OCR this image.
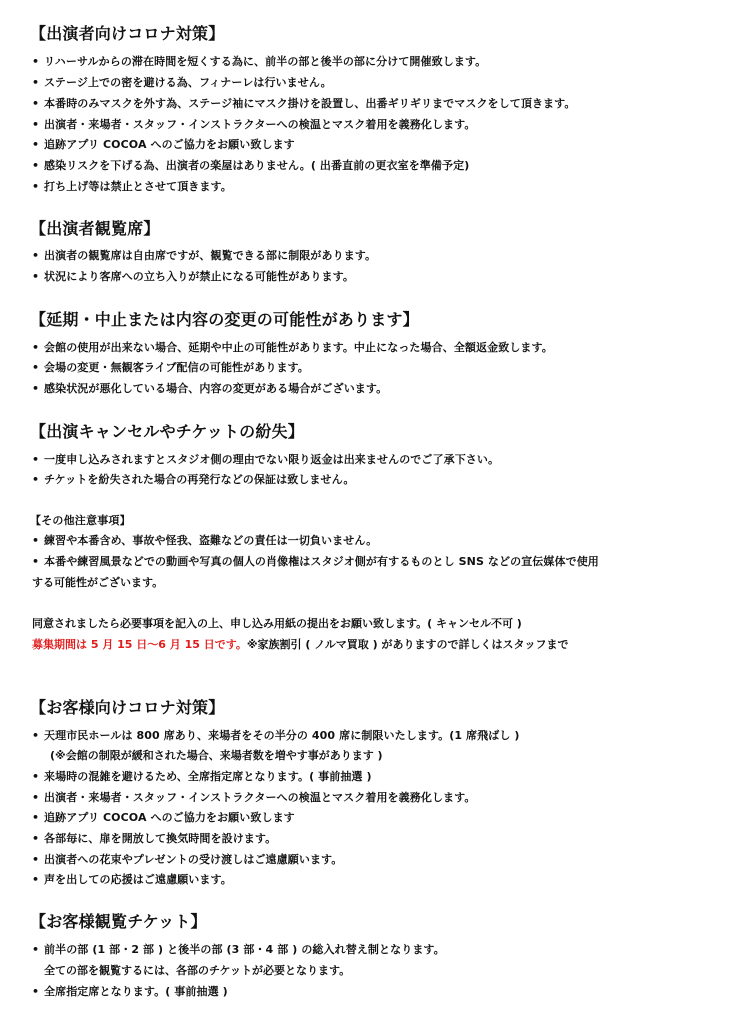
【出演者向けコロナ対策】
• リハーサルからの滞在時間を短くする為に、前半の部と後半の部に分けて開催致します。
• ステージ上での密を避ける為、フィナーレは行いません。
• 本番時のみマスクを外す為、ステージ袖にマスク掛けを設置し、出番ギリギリまでマスクをして頂きます。
• 出演者・来場者・スタッフ・インストラクターへの検温とマスク着用を義務化します。
• 追跡アプリ COCOA へのご協力をお願い致します
• 感染リスクを下げる為、出演者の楽屋はありません。( 出番直前の更衣室を準備予定)
• 打ち上げ等は禁止とさせて頂きます。
【出演者観覧席】
• 出演者の観覧席は自由席ですが、観覧できる部に制限があります。
• 状況により客席への立ち入りが禁止になる可能性があります。
【延期・中止または内容の変更の可能性があります】
• 会館の使用が出来ない場合、延期や中止の可能性があります。中止になった場合、全額返金致します。
• 会場の変更・無観客ライブ配信の可能性があります。
• 感染状況が悪化している場合、内容の変更がある場合がございます。
【出演キャンセルやチケットの紛失】
• 一度申し込みされますとスタジオ側の理由でない限り返金は出来ませんのでご了承下さい。
• チケットを紛失された場合の再発行などの保証は致しません。
【その他注意事項】
• 練習や本番含め、事故や怪我、盗難などの責任は一切負いません。
• 本番や練習風景などでの動画や写真の個人の肖像権はスタジオ側が有するものとし SNS などの宣伝媒体で使用
する可能性がございます。
同意されましたら必要事項を記入の上、申し込み用紙の提出をお願い致します。( キャンセル不可 )
募集期間は 5 月 15 日〜6 月 15 日です。※家族割引 ( ノルマ買取 ) がありますので詳しくはスタッフまで
【お客様向けコロナ対策】
• 天理市民ホールは 800 席あり、来場者をその半分の 400 席に制限いたします。(1 席飛ばし )
(※会館の制限が緩和された場合、来場者数を増やす事があります )
• 来場時の混雑を避けるため、全席指定席となります。( 事前抽選 )
• 出演者・来場者・スタッフ・インストラクターへの検温とマスク着用を義務化します。
• 追跡アプリ COCOA へのご協力をお願い致します
• 各部毎に、扉を開放して換気時間を設けます。
• 出演者への花束やプレゼントの受け渡しはご遠慮願います。
• 声を出しての応援はご遠慮願います。
【お客様観覧チケット】
• 前半の部 (1 部・2 部 ) と後半の部 (3 部・4 部 ) の総入れ替え制となります。
全ての部を観覧するには、各部のチケットが必要となります。
• 全席指定席となります。( 事前抽選 )
